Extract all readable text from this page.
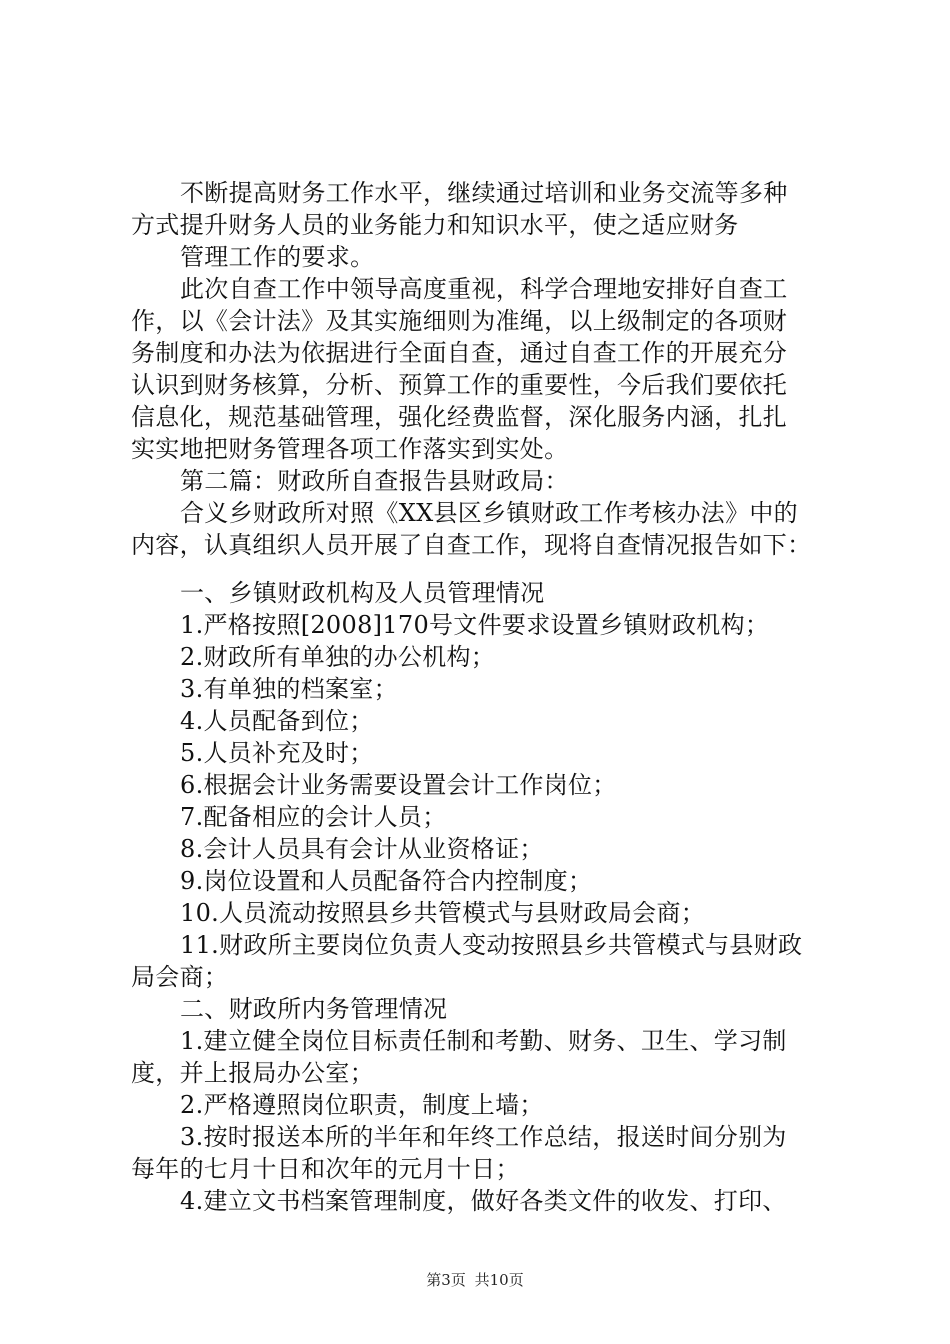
不断提高财务工作水平，继续通过培训和业务交流等多种

方式提升财务人员的业务能力和知识水平，使之适应财务

管理工作的要求。

此次自查工作中领导高度重视，科学合理地安排好自查工

作，以《会计法》及其实施细则为准绳，以上级制定的各项财

务制度和办法为依据进行全面自查，通过自查工作的开展充分

认识到财务核算，分析、预算工作的重要性，今后我们要依托

信息化，规范基础管理，强化经费监督，深化服务内涵，扎扎

实实地把财务管理各项工作落实到实处。

第二篇：财政所自查报告县财政局：

合义乡财政所对照《XX县区乡镇财政工作考核办法》中的

内容，认真组织人员开展了自查工作，现将自查情况报告如下：

一、乡镇财政机构及人员管理情况

1.严格按照[2008]170号文件要求设置乡镇财政机构；

2.财政所有单独的办公机构；

3.有单独的档案室；

4.人员配备到位；

5.人员补充及时；

6.根据会计业务需要设置会计工作岗位；

7.配备相应的会计人员；

8.会计人员具有会计从业资格证；

9.岗位设置和人员配备符合内控制度；

10.人员流动按照县乡共管模式与县财政局会商；

11.财政所主要岗位负责人变动按照县乡共管模式与县财政

局会商；

二、财政所内务管理情况

1.建立健全岗位目标责任制和考勤、财务、卫生、学习制

度，并上报局办公室；

2.严格遵照岗位职责，制度上墙；

3.按时报送本所的半年和年终工作总结，报送时间分别为

每年的七月十日和次年的元月十日；

4.建立文书档案管理制度，做好各类文件的收发、打印、

第3页 共10页
